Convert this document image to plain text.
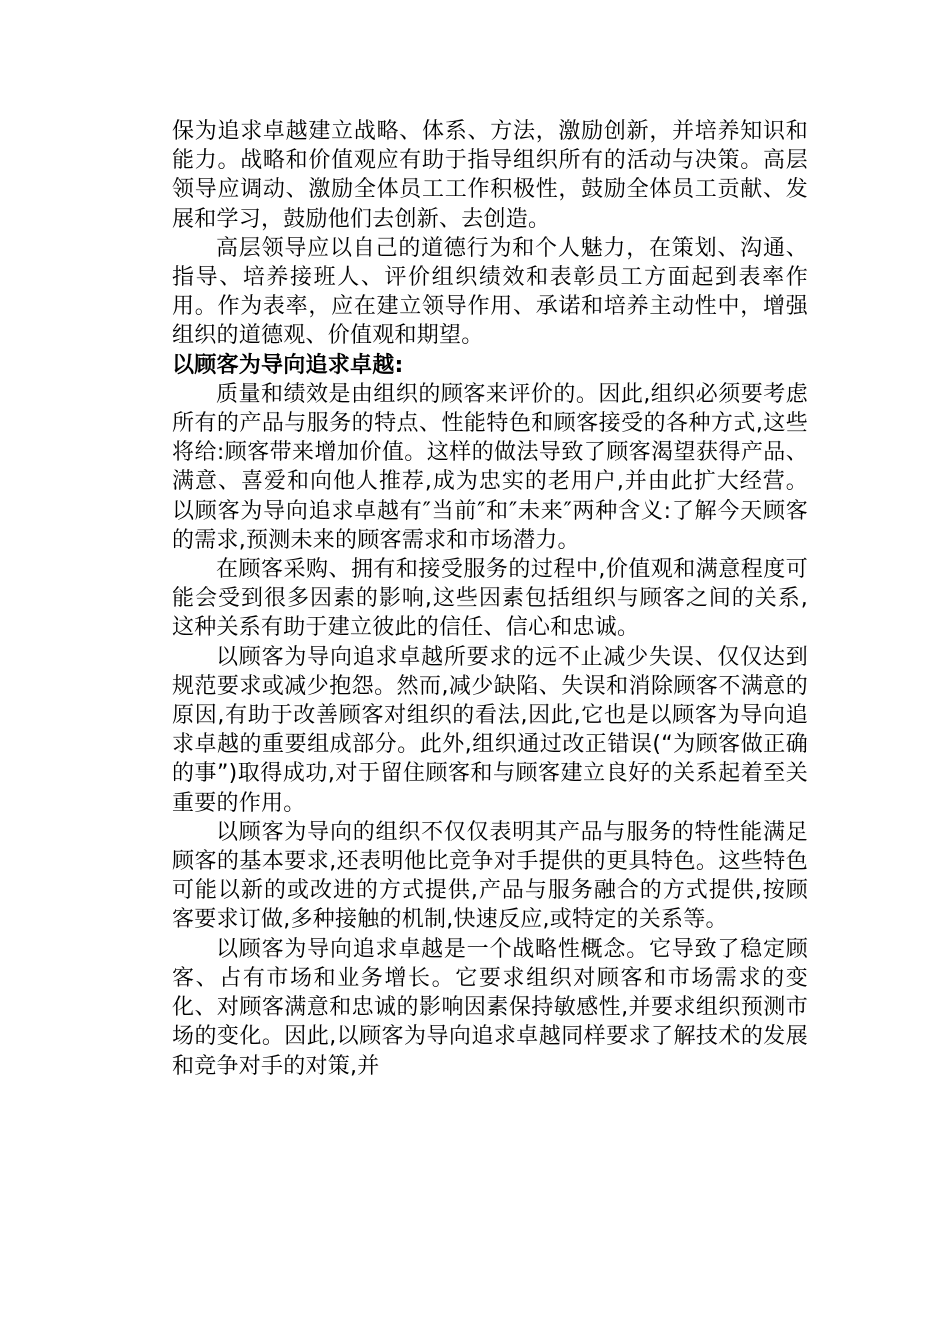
保为追求卓越建立战略、体系、方法，激励创新，并培养知识和能力。战略和价值观应有助于指导组织所有的活动与决策。高层领导应调动、激励全体员工工作积极性，鼓励全体员工贡献、发展和学习，鼓励他们去创新、去创造。

高层领导应以自己的道德行为和个人魅力，在策划、沟通、指导、培养接班人、评价组织绩效和表彰员工方面起到表率作用。作为表率，应在建立领导作用、承诺和培养主动性中，增强组织的道德观、价值观和期望。

以顾客为导向追求卓越:

质量和绩效是由组织的顾客来评价的。因此,组织必须要考虑所有的产品与服务的特点、性能特色和顾客接受的各种方式,这些将给:顾客带来增加价值。这样的做法导致了顾客渴望获得产品、满意、喜爱和向他人推荐,成为忠实的老用户,并由此扩大经营。以顾客为导向追求卓越有″当前″和″未来″两种含义:了解今天顾客的需求,预测未来的顾客需求和市场潜力。

在顾客采购、拥有和接受服务的过程中,价值观和满意程度可能会受到很多因素的影响,这些因素包括组织与顾客之间的关系,这种关系有助于建立彼此的信任、信心和忠诚。

以顾客为导向追求卓越所要求的远不止减少失误、仅仅达到规范要求或减少抱怨。然而,减少缺陷、失误和消除顾客不满意的原因,有助于改善顾客对组织的看法,因此,它也是以顾客为导向追求卓越的重要组成部分。此外,组织通过改正错误(“为顾客做正确的事”)取得成功,对于留住顾客和与顾客建立良好的关系起着至关重要的作用。

以顾客为导向的组织不仅仅表明其产品与服务的特性能满足顾客的基本要求,还表明他比竞争对手提供的更具特色。这些特色可能以新的或改进的方式提供,产品与服务融合的方式提供,按顾客要求订做,多种接触的机制,快速反应,或特定的关系等。

以顾客为导向追求卓越是一个战略性概念。它导致了稳定顾客、占有市场和业务增长。它要求组织对顾客和市场需求的变化、对顾客满意和忠诚的影响因素保持敏感性,并要求组织预测市场的变化。因此,以顾客为导向追求卓越同样要求了解技术的发展和竞争对手的对策,并
